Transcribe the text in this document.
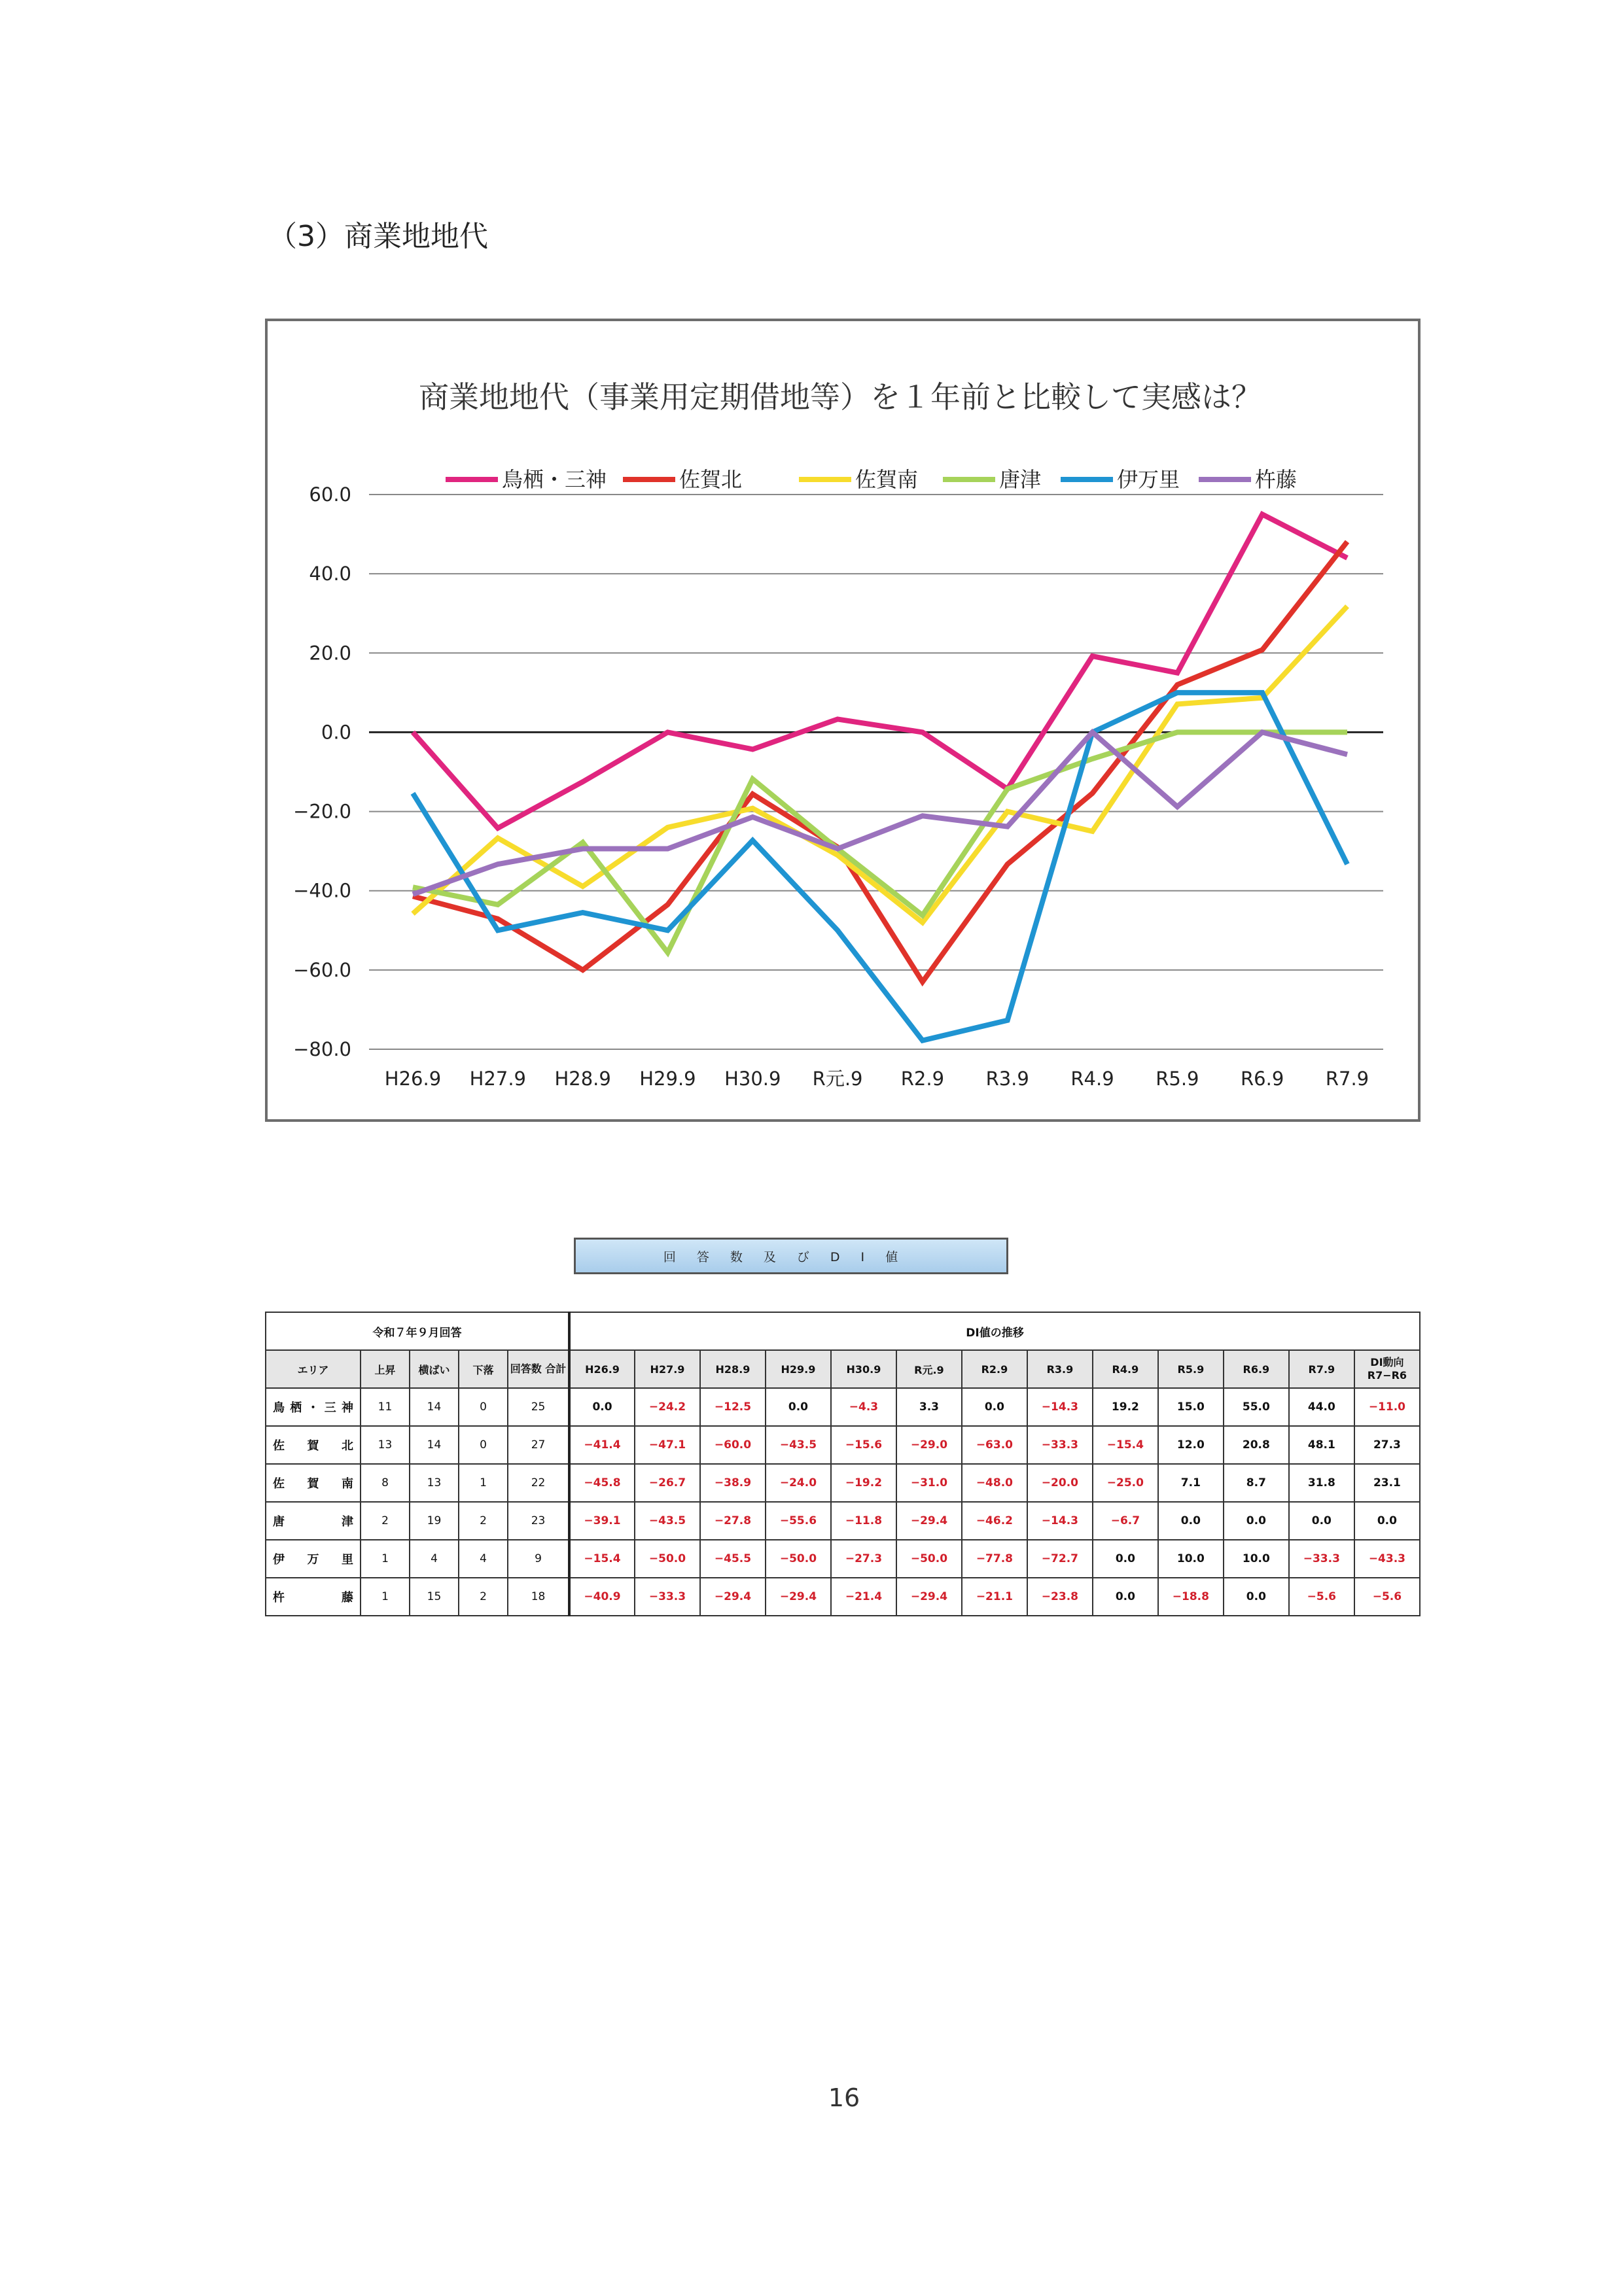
（3）商業地地代
商業地地代（事業用定期借地等）を１年前と比較して実感は？
鳥栖・三神	佐賀北	佐賀南	唐津	伊万里	杵藤
60.0
40.0
20.0
0.0
−20.0
−40.0
−60.0
−80.0
H26.9 H27.9 H28.9 H29.9 H30.9 R元.9 R2.9 R3.9 R4.9 R5.9 R6.9 R7.9
回答数及びDI値
令和７年９月回答					DI値の推移												
エリア	上昇	横ばい	下落	回答数 合計	H26.9	H27.9	H28.9	H29.9	H30.9	R元.9	R2.9	R3.9	R4.9	R5.9	R6.9	R7.9	DI動向 R7−R6
鳥栖・三神	11	14	0	25	0.0	−24.2	−12.5	0.0	−4.3	3.3	0.0	−14.3	19.2	15.0	55.0	44.0	−11.0
佐賀北	13	14	0	27	−41.4	−47.1	−60.0	−43.5	−15.6	−29.0	−63.0	−33.3	−15.4	12.0	20.8	48.1	27.3
佐賀南	8	13	1	22	−45.8	−26.7	−38.9	−24.0	−19.2	−31.0	−48.0	−20.0	−25.0	7.1	8.7	31.8	23.1
唐津	2	19	2	23	−39.1	−43.5	−27.8	−55.6	−11.8	−29.4	−46.2	−14.3	−6.7	0.0	0.0	0.0	0.0
伊万里	1	4	4	9	−15.4	−50.0	−45.5	−50.0	−27.3	−50.0	−77.8	−72.7	0.0	10.0	10.0	−33.3	−43.3
杵藤	1	15	2	18	−40.9	−33.3	−29.4	−29.4	−21.4	−29.4	−21.1	−23.8	0.0	−18.8	0.0	−5.6	−5.6
16
